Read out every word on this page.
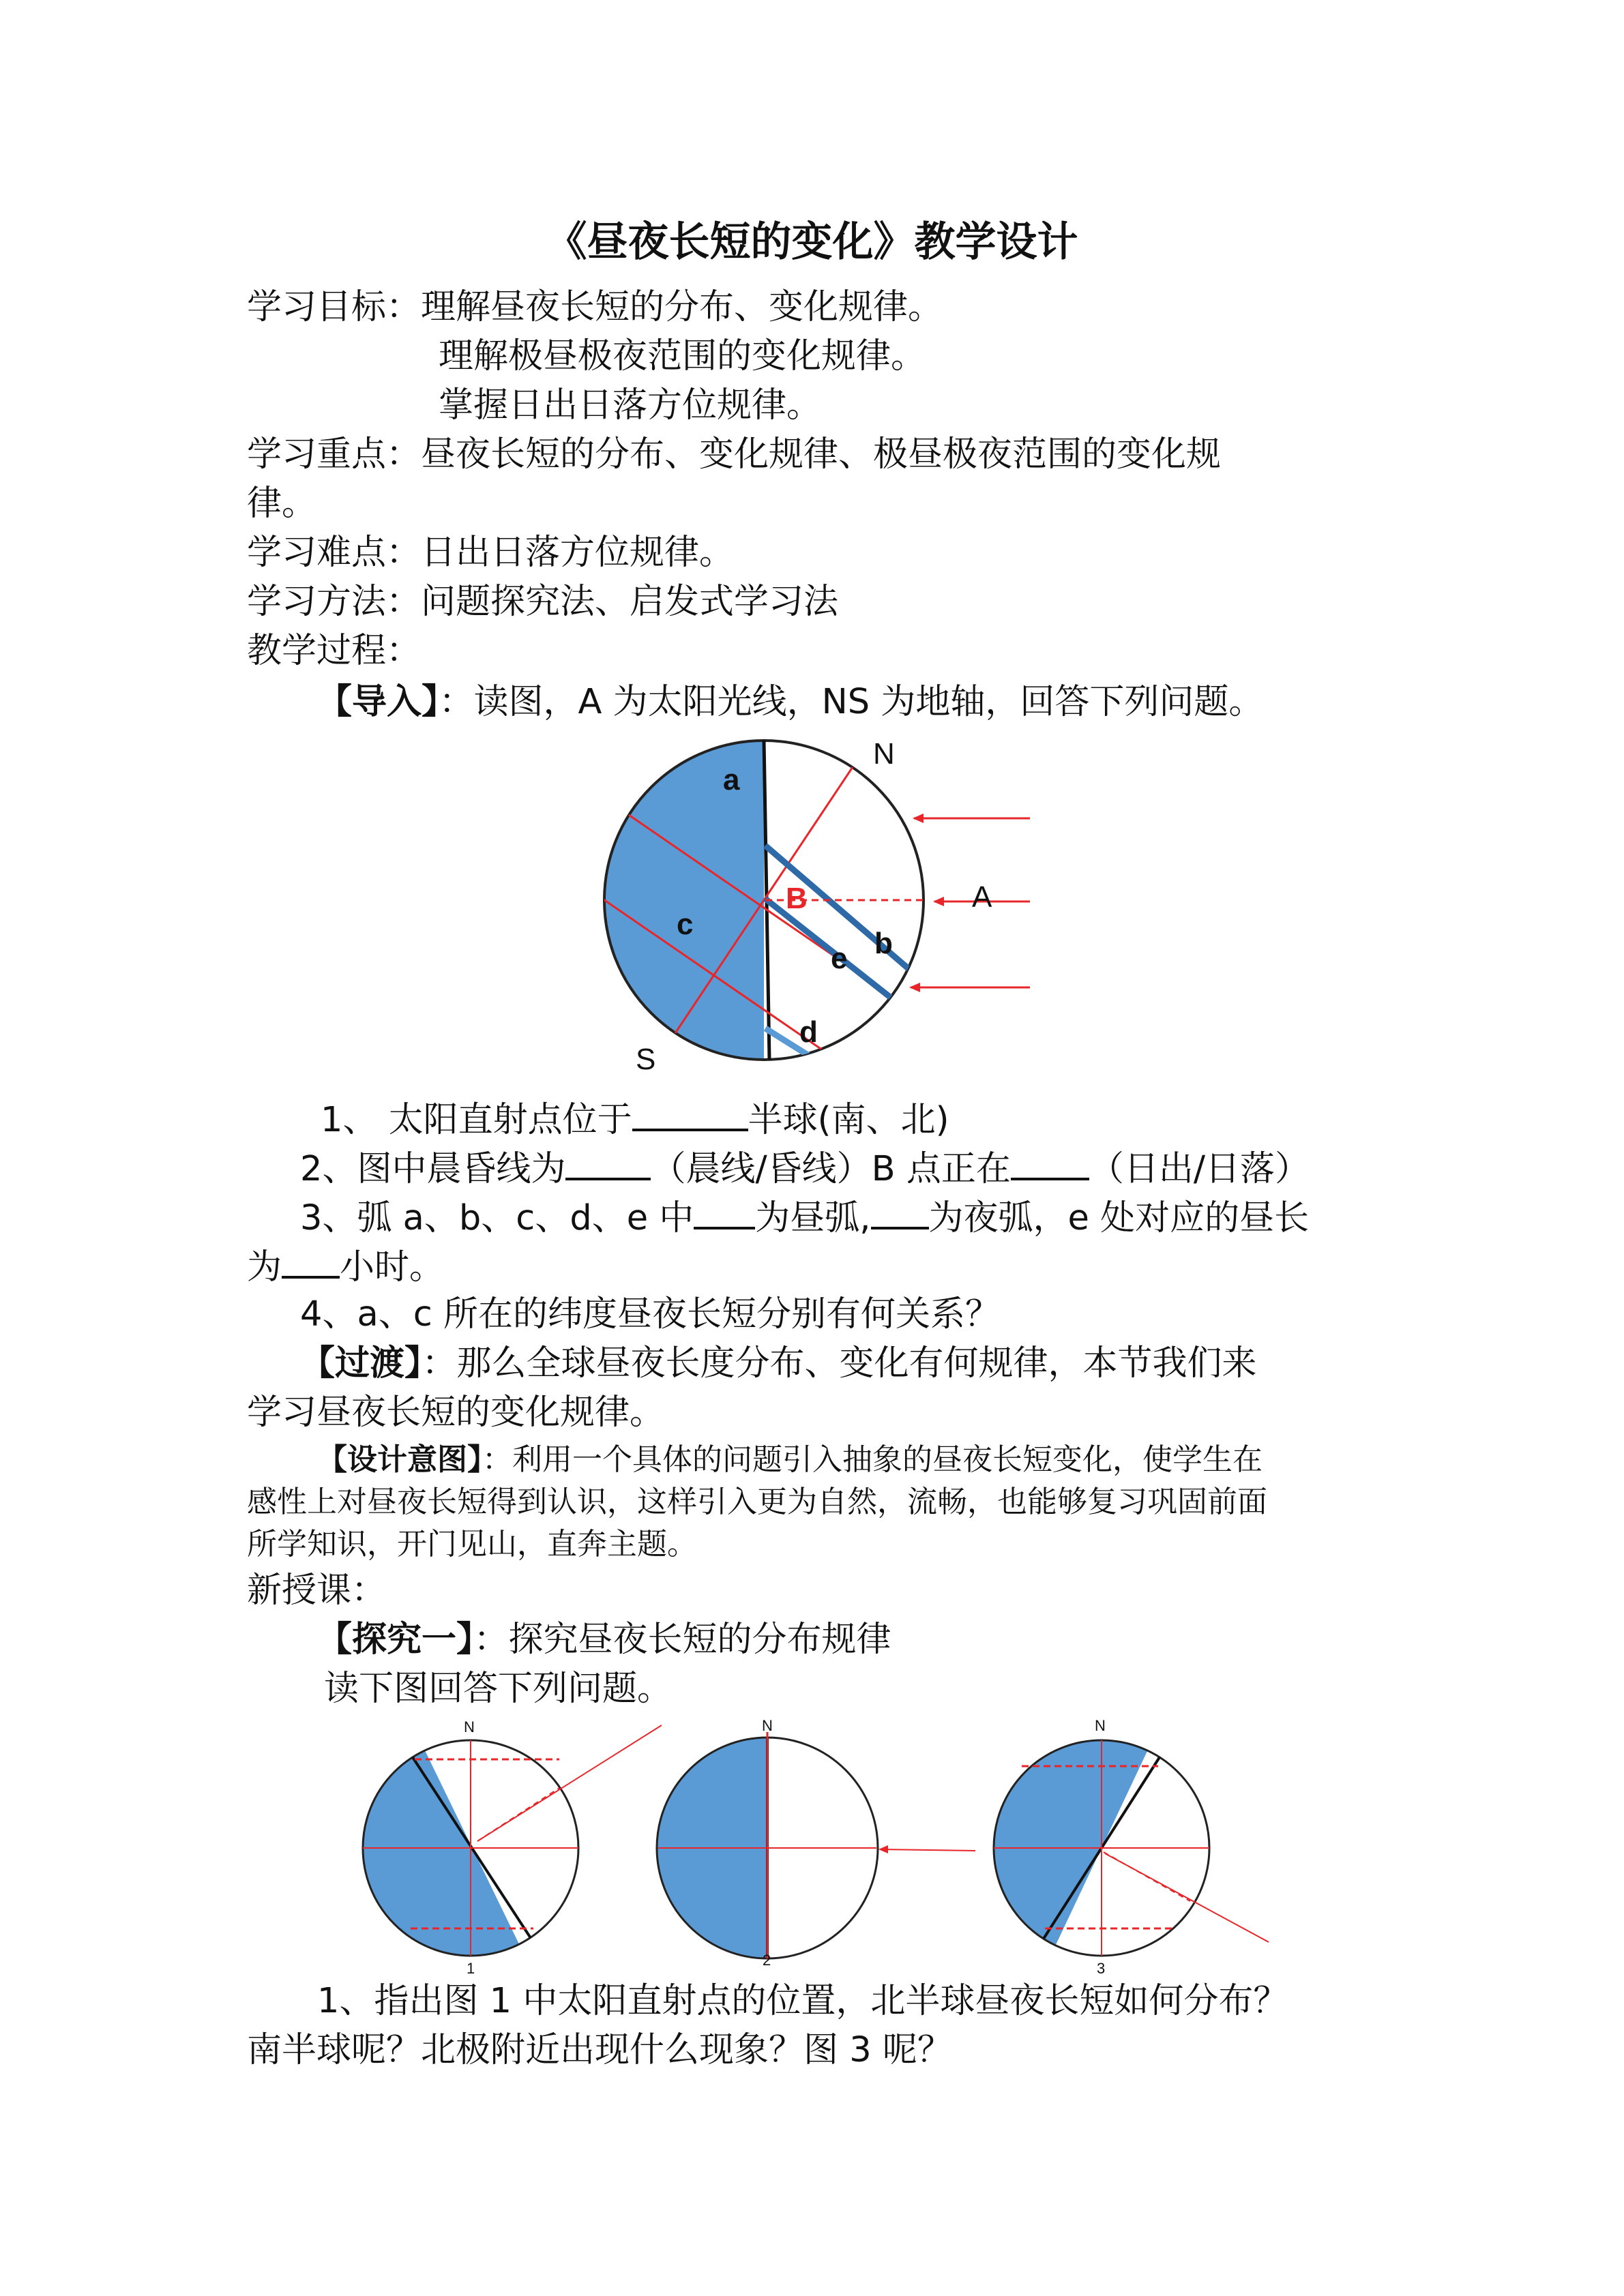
《昼夜长短的变化》教学设计
学习目标：理解昼夜长短的分布、变化规律。
理解极昼极夜范围的变化规律。
掌握日出日落方位规律。
学习重点：昼夜长短的分布、变化规律、极昼极夜范围的变化规
律。
学习难点：日出日落方位规律。
学习方法：问题探究法、启发式学习法
教学过程：
【导入】：读图，A 为太阳光线，NS 为地轴，回答下列问题。
N
S
A
B
a
b
c
d
e
1、 太阳直射点位于	半球(南、北)
2、图中晨昏线为 （晨线/昏线）B 点正在 （日出/日落）
3、弧 a、b、c、d、e 中 为昼弧, 为夜弧，e 处对应的昼长
为 小时。
4、a、c 所在的纬度昼夜长短分别有何关系？
【过渡】：那么全球昼夜长度分布、变化有何规律，本节我们来
学习昼夜长短的变化规律。
【设计意图】：利用一个具体的问题引入抽象的昼夜长短变化，使学生在
感性上对昼夜长短得到认识，这样引入更为自然，流畅，也能够复习巩固前面
所学知识，开门见山，直奔主题。
新授课：
【探究一】：探究昼夜长短的分布规律
读下图回答下列问题。
N
1
N
2
N
3
1、指出图 1 中太阳直射点的位置，北半球昼夜长短如何分布？
南半球呢？北极附近出现什么现象？图 3 呢？
